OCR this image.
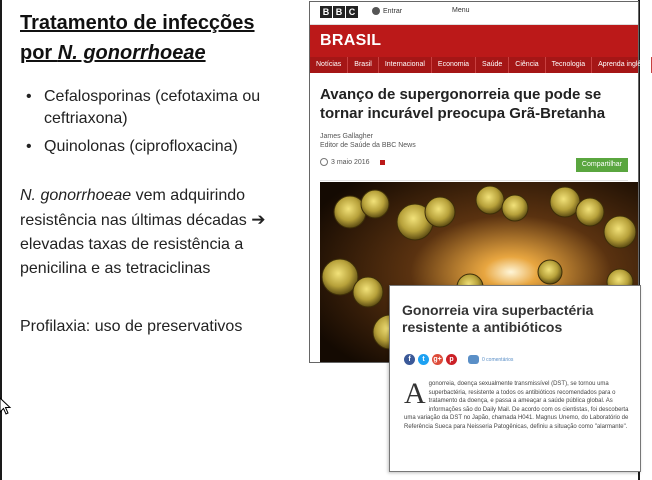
Tratamento de infecções
por N. gonorrhoeae
• Cefalosporinas (cefotaxima ou ceftriaxona)
• Quinolonas (ciprofloxacina)
N. gonorrhoeae vem adquirindo resistência nas últimas décadas ➔ elevadas taxas de resistência a penicilina e as tetraciclinas
Profilaxia: uso de preservativos
B B C	Entrar	Menu
BRASIL
Notícias	Brasil	Internacional	Economia	Saúde	Ciência	Tecnologia	Aprenda inglês
Avanço de supergonorreia que pode se tornar incurável preocupa Grã-Bretanha
James Gallagher
Editor de Saúde da BBC News
3 maio 2016	Compartilhar
Gonorreia vira superbactéria resistente a antibióticos
f	t	g+	p	0 comentários
Agonorreia, doença sexualmente transmissível (DST), se tornou uma superbactéria, resistente a todos os antibióticos recomendados para o tratamento da doença, e passa a ameaçar a saúde pública global. As informações são do Daily Mail. De acordo com os cientistas, foi descoberta uma variação da DST no Japão, chamada H041. Magnus Unemo, do Laboratório de Referência Sueca para Neisseria Patogênicas, definiu a situação como "alarmante".
